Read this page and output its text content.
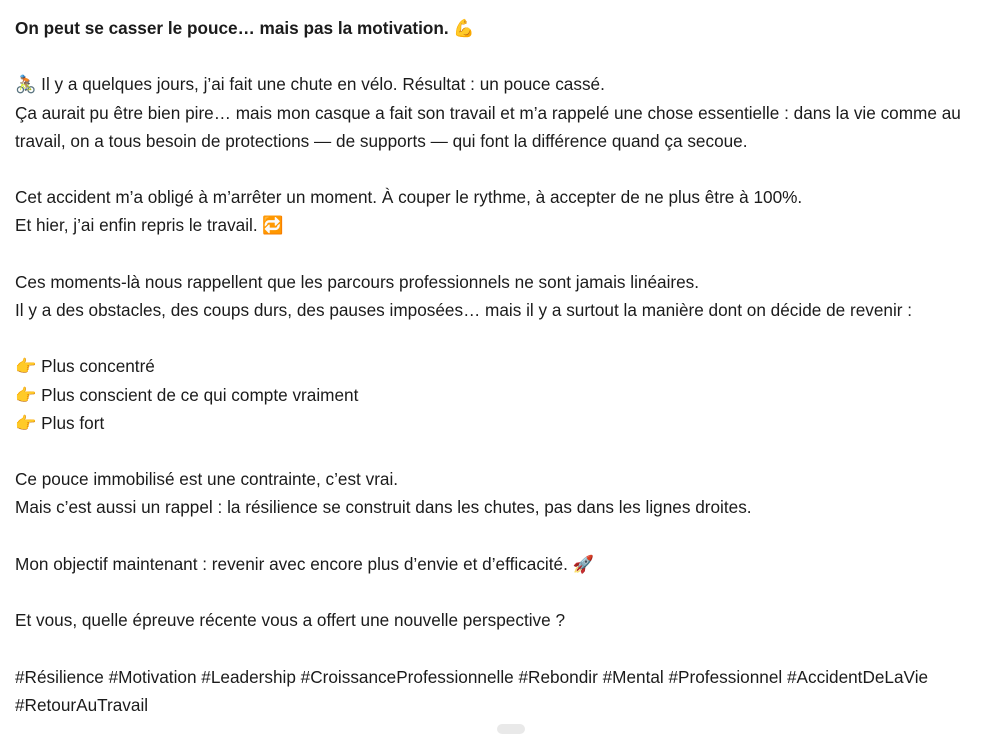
On peut se casser le pouce… mais pas la motivation. 💪
🚴🏽 Il y a quelques jours, j’ai fait une chute en vélo. Résultat : un pouce cassé.
Ça aurait pu être bien pire… mais mon casque a fait son travail et m’a rappelé une chose essentielle : dans la vie comme au travail, on a tous besoin de protections — de supports — qui font la différence quand ça secoue.
Cet accident m’a obligé à m’arrêter un moment. À couper le rythme, à accepter de ne plus être à 100%.
Et hier, j’ai enfin repris le travail. 🔁
Ces moments-là nous rappellent que les parcours professionnels ne sont jamais linéaires.
Il y a des obstacles, des coups durs, des pauses imposées… mais il y a surtout la manière dont on décide de revenir :
👉 Plus concentré
👉 Plus conscient de ce qui compte vraiment
👉 Plus fort
Ce pouce immobilisé est une contrainte, c’est vrai.
Mais c’est aussi un rappel : la résilience se construit dans les chutes, pas dans les lignes droites.
Mon objectif maintenant : revenir avec encore plus d’envie et d’efficacité. 🚀
Et vous, quelle épreuve récente vous a offert une nouvelle perspective ?
#Résilience #Motivation #Leadership #CroissanceProfessionnelle #Rebondir #Mental #Professionnel #AccidentDeLaVie #RetourAuTravail
